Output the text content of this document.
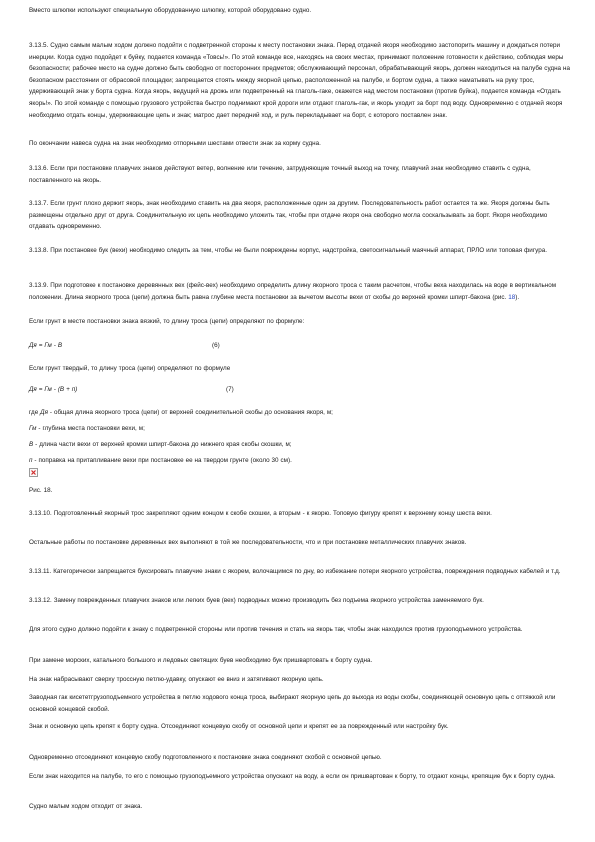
Вместо шлюпки используют специальную оборудованную шлюпку, которой оборудовано судно.

3.13.5. Судно самым малым ходом должно подойти с подветренной стороны к месту постановки знака. Перед отдачей якоря необходимо застопорить машину и дождаться потери инерции. Когда судно подойдет к буйку, подается команда «Товсь!». По этой команде все, находясь на своих местах, принимают положение готовности к действию, соблюдая меры безопасности; рабочее место на судне должно быть свободно от посторонних предметов; обслуживающий персонал, обрабатывающий якорь, должен находиться на палубе судна на безопасном расстоянии от обрасовой площадки; запрещается стоять между якорной цепью, расположенной на палубе, и бортом судна, а также наматывать на руку трос, удерживающий знак у борта судна. Когда якорь, ведущий на дрожь или подветренный на глаголь-гаке, окажется над местом постановки (против буйка), подается команда «Отдать якорь!». По этой команде с помощью грузового устройства быстро поднимают крой дороги или отдают глаголь-гак, и якорь уходит за борт под воду. Одновременно с отдачей якоря необходимо отдать концы, удерживающие цепь и знак; матрос дает передний ход, и руль перекладывает на борт, с которого поставлен знак.

По окончании навеса судна на знак необходимо отпорными шестами отвести знак за корму судна.

3.13.6. Если при постановке плавучих знаков действуют ветер, волнение или течение, затрудняющие точный выход на точку, плавучий знак необходимо ставить с судна, поставленного на якорь.

3.13.7. Если грунт плохо держит якорь, знак необходимо ставить на два якоря, расположенные один за другим. Последовательность работ остается та же. Якоря должны быть размещены отдельно друг от друга. Соединительную их цепь необходимо уложить так, чтобы при отдаче якоря она свободно могла соскальзывать за борт. Якоря необходимо отдавать одновременно.

3.13.8. При постановке бук (вехи) необходимо следить за тем, чтобы не были повреждены корпус, надстройка, светосигнальный маячный аппарат, ПРЛО или топовая фигура.

3.13.9. При подготовке к постановке деревянных вех (фейс-вех) необходимо определить длину якорного троса с таким расчетом, чтобы веха находилась на воде в вертикальном положении. Длина якорного троса (цепи) должна быть равна глубине места постановки за вычетом высоты вехи от скобы до верхней кромки шпирт-бакона (рис. 18).

Если грунт в месте постановки знака вязкий, то длину троса (цепи) определяют по формуле:

Дя = Гм - В	(6)

Если грунт твердый, то длину троса (цепи) определяют по формуле

Дя = Гм - (В + п)	(7)

где Дя - общая длина якорного троса (цепи) от верхней соединительной скобы до основания якоря, м;

Гм - глубина места постановки вехи, м;

В - длина части вехи от верхней кромки шпирт-бакона до нижнего края скобы скошки, м;

п - поправка на притапливание вехи при постановке ее на твердом грунте (около 30 см).

Рис. 18.

3.13.10. Подготовленный якорный трос закрепляют одним концом к скобе скошки, а вторым - к якорю. Топовую фигуру крепят к верхнему концу шеста вехи.

Остальные работы по постановке деревянных вех выполняют в той же последовательности, что и при постановке металлических плавучих знаков.

3.13.11. Категорически запрещается буксировать плавучие знаки с якорем, волочащимся по дну, во избежание потери якорного устройства, повреждения подводных кабелей и т.д.

3.13.12. Замену поврежденных плавучих знаков или легких буев (вех) подводных можно производить без подъема якорного устройства заменяемого бук.

Для этого судно должно подойти к знаку с подветренной стороны или против течения и стать на якорь так, чтобы знак находился против грузоподъемного устройства.

При замене морских, катального большого и ледовых светящих буев необходимо бук пришвартовать к борту судна.

На знак набрасывают сверху троссную петлю-удавку, опускают ее вниз и затягивают якорную цепь.

Заводная гак кисететгрузоподъемного устройства в петлю ходового конца троса, выбирают якорную цепь до выхода из воды скобы, соединяющей основную цепь с оттяжкой или основной концевой скобой.

Знак и основную цепь крепят к борту судна. Отсоединяют концевую скобу от основной цепи и крепят ее за поврежденный или настройку бук.

Одновременно отсоединяют концевую скобу подготовленного к постановке знака соединяют скобой с основной цепью.

Если знак находится на палубе, то его с помощью грузоподъемного устройства опускают на воду, а если он пришвартован к борту, то отдают концы, крепящие бук к борту судна.

Судно малым ходом отходит от знака.
